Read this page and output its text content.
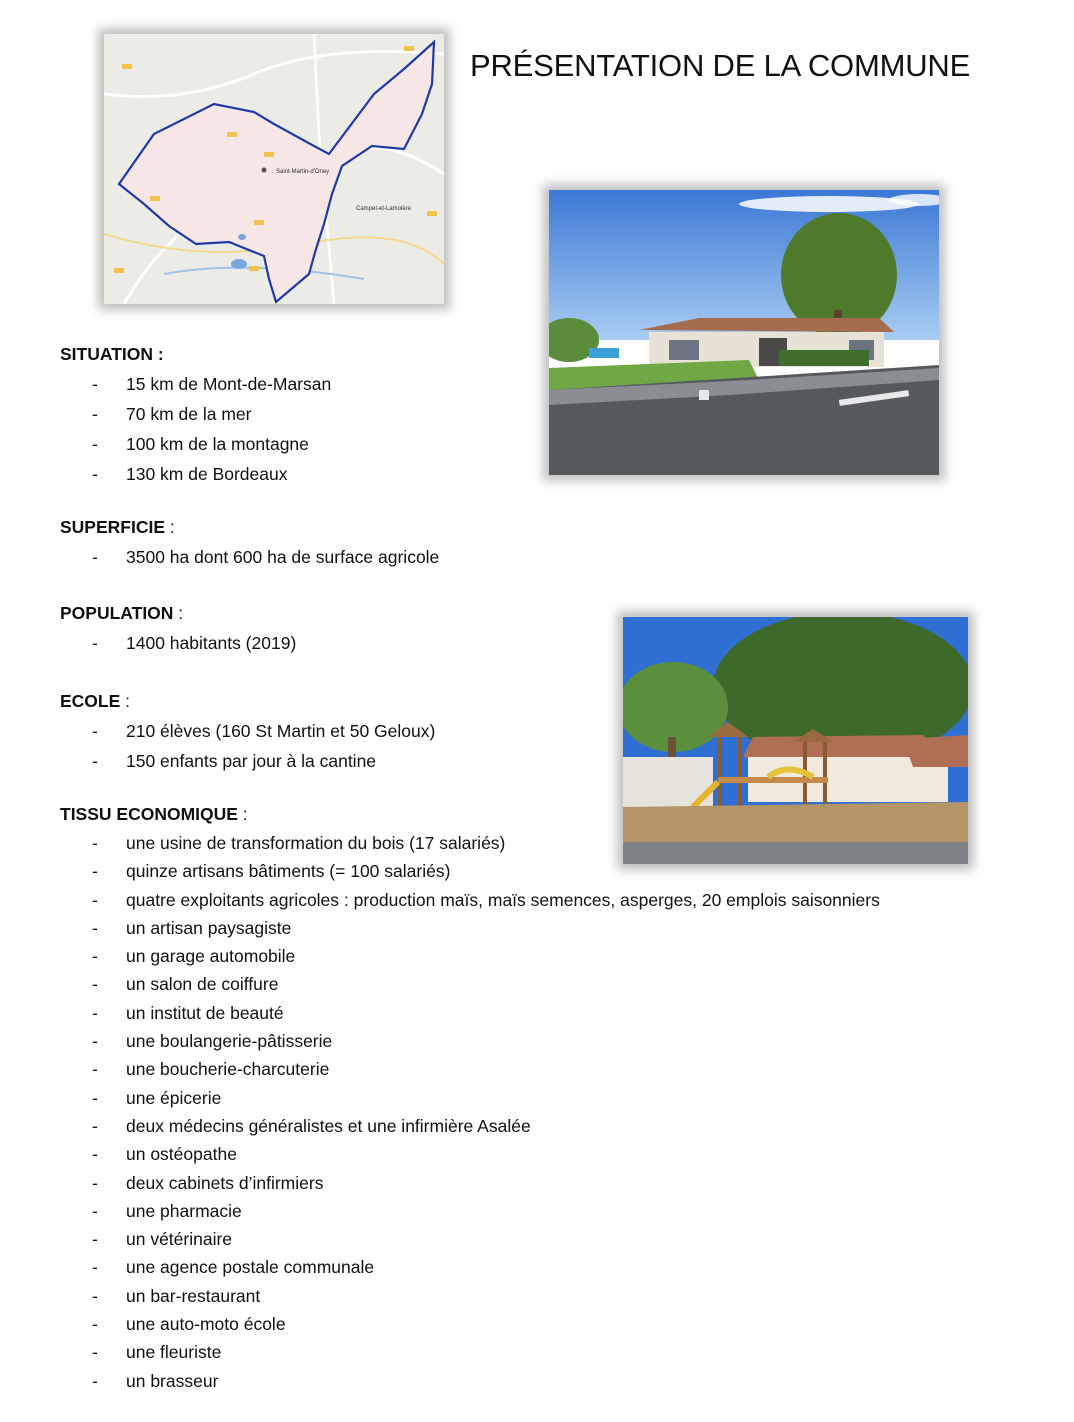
PRÉSENTATION DE LA COMMUNE
Saint-Martin-d'Oney
Campet-et-Lamolère
SITUATION :
- 15 km de Mont-de-Marsan
- 70 km de la mer
- 100 km de la montagne
- 130 km de Bordeaux
SUPERFICIE :
- 3500 ha dont 600 ha de surface agricole
POPULATION :
- 1400 habitants (2019)
ECOLE :
- 210 élèves (160 St Martin et 50 Geloux)
- 150 enfants par jour à la cantine
TISSU ECONOMIQUE :
- une usine de transformation du bois (17 salariés)
- quinze artisans bâtiments (= 100 salariés)
- quatre exploitants agricoles : production maïs, maïs semences, asperges, 20 emplois saisonniers
- un artisan paysagiste
- un garage automobile
- un salon de coiffure
- un institut de beauté
- une boulangerie-pâtisserie
- une boucherie-charcuterie
- une épicerie
- deux médecins généralistes et une infirmière Asalée
- un ostéopathe
- deux cabinets d’infirmiers
- une pharmacie
- un vétérinaire
- une agence postale communale
- un bar-restaurant
- une auto-moto école
- une fleuriste
- un brasseur
